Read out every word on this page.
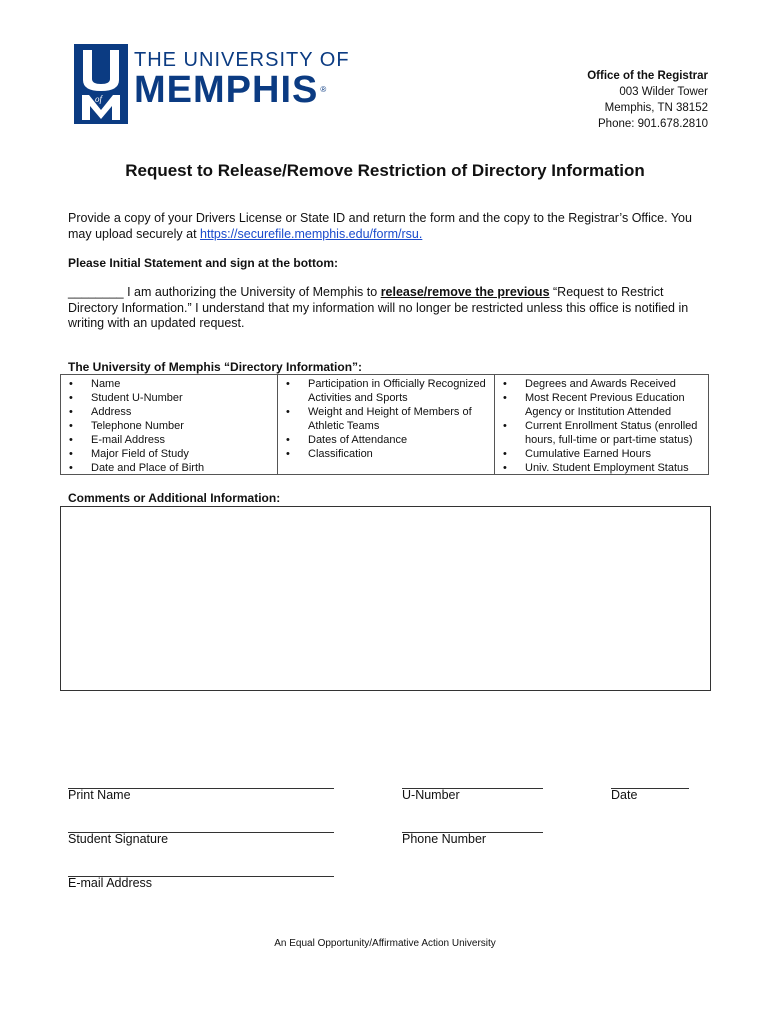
of
THE UNIVERSITY OF
MEMPHIS ®
Office of the Registrar
003 Wilder Tower
Memphis, TN 38152
Phone: 901.678.2810
Request to Release/Remove Restriction of Directory Information
Provide a copy of your Drivers License or State ID and return the form and the copy to the Registrar’s Office. You may upload securely at https://securefile.memphis.edu/form/rsu.
Please Initial Statement and sign at the bottom:
________ I am authorizing the University of Memphis to release/remove the previous “Request to Restrict Directory Information.” I understand that my information will no longer be restricted unless this office is notified in writing with an updated request.
The University of Memphis “Directory Information”:
• Name
• Student U-Number
• Address
• Telephone Number
• E-mail Address
• Major Field of Study
• Date and Place of Birth
• Participation in Officially Recognized Activities and Sports
• Weight and Height of Members of Athletic Teams
• Dates of Attendance
• Classification
• Degrees and Awards Received
• Most Recent Previous Education Agency or Institution Attended
• Current Enrollment Status (enrolled hours, full-time or part-time status)
• Cumulative Earned Hours
• Univ. Student Employment Status
Comments or Additional Information:
Print Name	U-Number	Date
Student Signature	Phone Number
E-mail Address
An Equal Opportunity/Affirmative Action University
